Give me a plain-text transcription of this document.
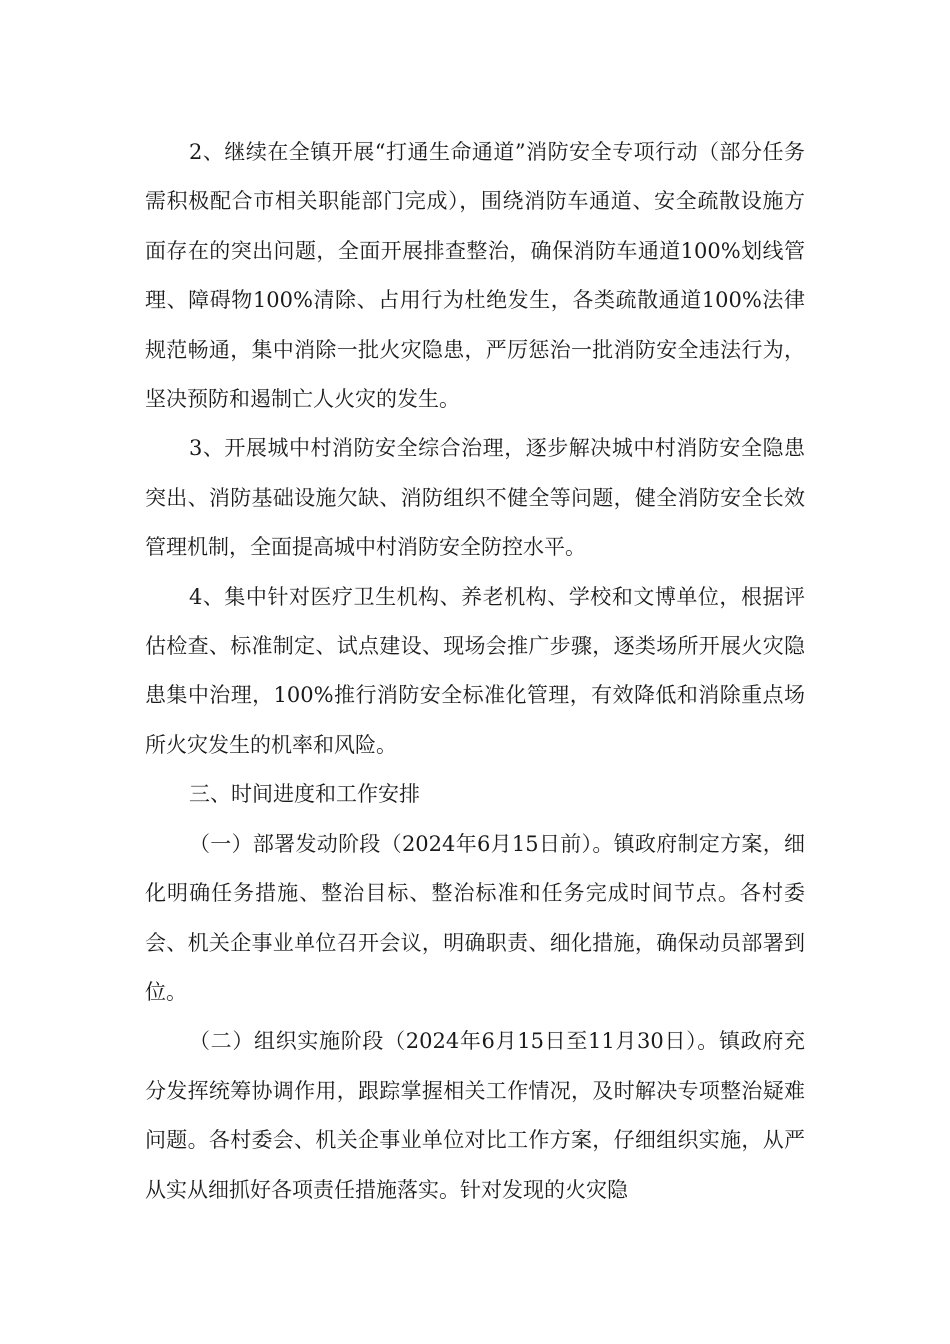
2、继续在全镇开展“打通生命通道”消防安全专项行动（部分任务需积极配合市相关职能部门完成），围绕消防车通道、安全疏散设施方面存在的突出问题，全面开展排查整治，确保消防车通道100%划线管理、障碍物100%清除、占用行为杜绝发生，各类疏散通道100%法律规范畅通，集中消除一批火灾隐患，严厉惩治一批消防安全违法行为，坚决预防和遏制亡人火灾的发生。

3、开展城中村消防安全综合治理，逐步解决城中村消防安全隐患突出、消防基础设施欠缺、消防组织不健全等问题，健全消防安全长效管理机制，全面提高城中村消防安全防控水平。

4、集中针对医疗卫生机构、养老机构、学校和文博单位，根据评估检查、标准制定、试点建设、现场会推广步骤，逐类场所开展火灾隐患集中治理，100%推行消防安全标准化管理，有效降低和消除重点场所火灾发生的机率和风险。

三、时间进度和工作安排

（一）部署发动阶段（2024年6月15日前）。镇政府制定方案，细化明确任务措施、整治目标、整治标准和任务完成时间节点。各村委会、机关企事业单位召开会议，明确职责、细化措施，确保动员部署到位。

（二）组织实施阶段（2024年6月15日至11月30日）。镇政府充分发挥统筹协调作用，跟踪掌握相关工作情况，及时解决专项整治疑难问题。各村委会、机关企事业单位对比工作方案，仔细组织实施，从严从实从细抓好各项责任措施落实。针对发现的火灾隐
